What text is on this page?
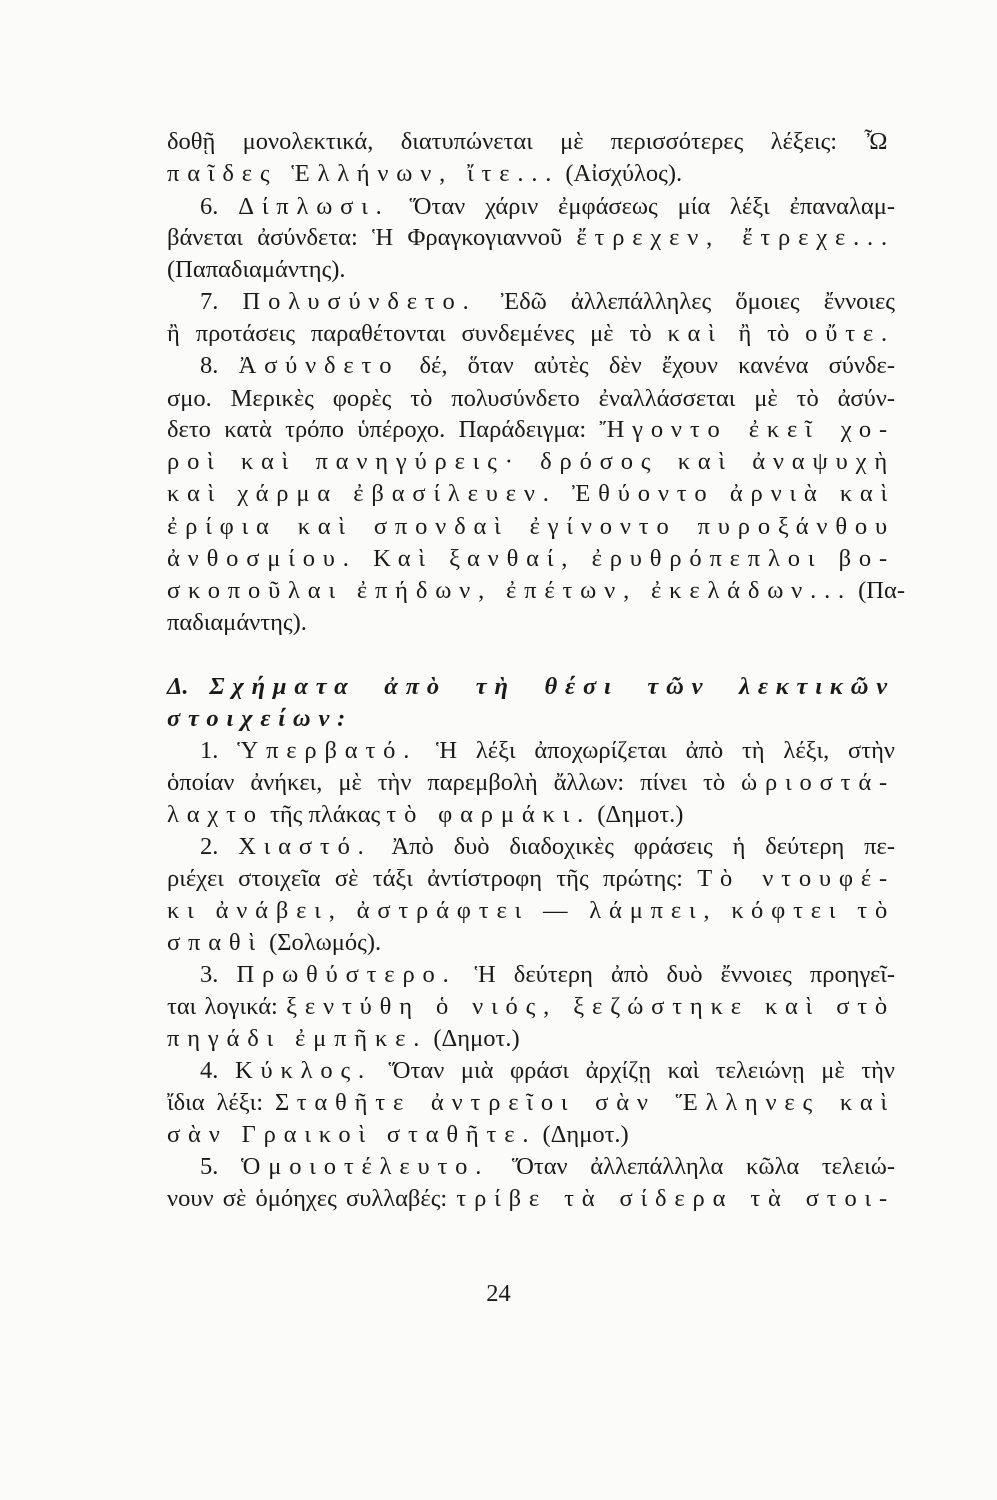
δοθῇ μονολεκτικά, διατυπώνεται μὲ περισσότερες λέξεις: Ὦ
παῖδες Ἑλλήνων, ἴτε... (Αἰσχύλος).
6. Δίπλωσι. Ὅταν χάριν ἐμφάσεως μία λέξι ἐπαναλαμ-
βάνεται ἀσύνδετα: Ἡ Φραγκογιαννοῦ ἔτρεχεν, ἔτρεχε...
(Παπαδιαμάντης).
7. Πολυσύνδετο. Ἐδῶ ἀλλεπάλληλες ὅμοιες ἔννοιες
ἢ προτάσεις παραθέτονται συνδεμένες μὲ τὸ καὶ ἢ τὸ οὔτε.
8. Ἀσύνδετο δέ, ὅταν αὐτὲς δὲν ἔχουν κανένα σύνδε-
σμο. Μερικὲς φορὲς τὸ πολυσύνδετο ἐναλλάσσεται μὲ τὸ ἀσύν-
δετο κατὰ τρόπο ὑπέροχο. Παράδειγμα: Ἤγοντο ἐκεῖ χο-
ροὶ καὶ πανηγύρεις· δρόσος καὶ ἀναψυχὴ
καὶ χάρμα ἐβασίλευεν. Ἐθύοντο ἀρνιὰ καὶ
ἐρίφια καὶ σπονδαὶ ἐγίνοντο πυροξάνθου
ἀνθοσμίου. Καὶ ξανθαί, ἐρυθρόπεπλοι βο-
σκοποῦλαι ἐπήδων, ἐπέτων, ἐκελάδων... (Πα-
παδιαμάντης).
Δ. Σχήματα ἀπὸ τὴ θέσι τῶν λεκτικῶν
στοιχείων:
1. Ὑπερβατό. Ἡ λέξι ἀποχωρίζεται ἀπὸ τὴ λέξι, στὴν
ὁποίαν ἀνήκει, μὲ τὴν παρεμβολὴ ἄλλων: πίνει τὸ ὡριοστά-
λαχτο τῆς πλάκας τὸ φαρμάκι. (Δημοτ.)
2. Χιαστό. Ἀπὸ δυὸ διαδοχικὲς φράσεις ἡ δεύτερη πε-
ριέχει στοιχεῖα σὲ τάξι ἀντίστροφη τῆς πρώτης: Τὸ ντουφέ-
κι ἀνάβει, ἀστράφτει — λάμπει, κόφτει τὸ
σπαθὶ (Σολωμός).
3. Πρωθύστερο. Ἡ δεύτερη ἀπὸ δυὸ ἔννοιες προηγεῖ-
ται λογικά: ξεντύθη ὁ νιός, ξεζώστηκε καὶ στὸ
πηγάδι ἐμπῆκε. (Δημοτ.)
4. Κύκλος. Ὅταν μιὰ φράσι ἀρχίζῃ καὶ τελειώνῃ μὲ τὴν
ἴδια λέξι: Σταθῆτε ἀντρεῖοι σὰν Ἕλληνες καὶ
σὰν Γραικοὶ σταθῆτε. (Δημοτ.)
5. Ὁμοιοτέλευτο. Ὅταν ἀλλεπάλληλα κῶλα τελειώ-
νουν σὲ ὁμόηχες συλλαβές: τρίβε τὰ σίδερα τὰ στοι-
24
